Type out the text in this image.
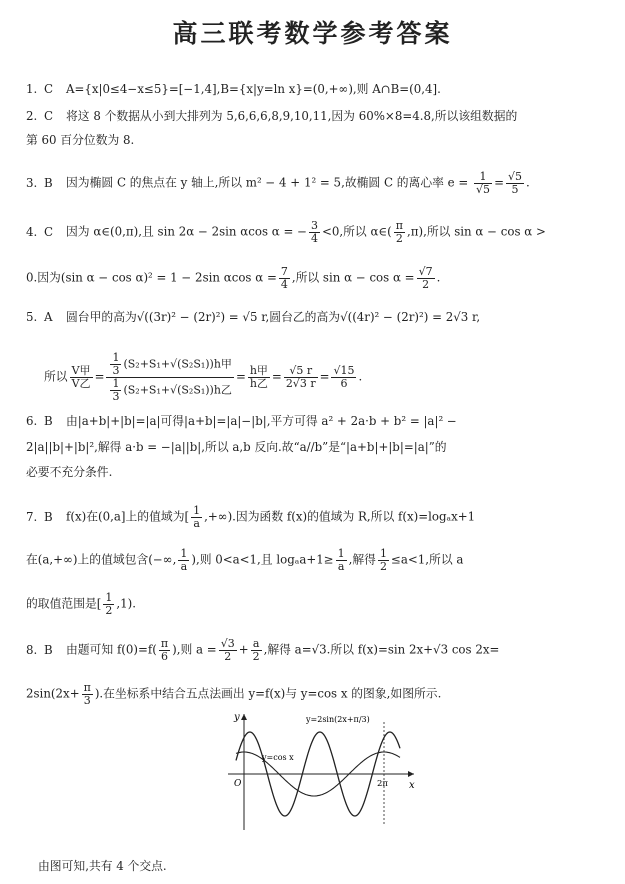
高三联考数学参考答案
1. C A={x|0≤4−x≤5}=[−1,4],B={x|y=ln x}=(0,+∞),则 A∩B=(0,4].
2. C 将这 8 个数据从小到大排列为 5,6,6,6,8,9,10,11,因为 60%×8=4.8,所以该组数据的
第 60 百分位数为 8.
3. B 因为椭圆 C 的焦点在 y 轴上,所以 m² − 4 + 1² = 5,故椭圆 C 的离心率 $e = \frac{1}{√5} = \frac{√5}{5}$ .
4. C 因为 α∈(0,π),且 sin 2α − 2sin αcos α = − $\frac{3}{4} <0$,所以 α∈( $\frac{\pi}{2} ,\pi$),所以 sin α − cos α >
0.因为(sin α − cos α)² = 1 − 2sin αcos $\alpha = \frac{7}{4}$ ,所以 $\sin \alpha - \cos \alpha = \frac{√7}{2}$ .
5. A 圆台甲的高为√((3r)² − (2r)²) = √5 r,圆台乙的高为√((4r)² − (2r)²) = 2√3 r,
所以 $\frac{\text{V甲}}{\text{V乙}} = \frac{\frac{1}{3} (S_2+S_1+√(S_2S_1))h甲}{\frac{1}{3} (S_2+S_1+√(S_2S_1))h乙} = \frac{\text{h甲}}{\text{h乙}} = \frac{√5 r}{2√3 r} = \frac{√15}{6}$ .
6. B 由|a+b|+|b|=|a|可得|a+b|=|a|−|b|,平方可得 a² + 2a·b + b² = |a|² −
2|a||b|+|b|²,解得 a·b = −|a||b|,所以 a,b 反向.故“a//b”是“|a+b|+|b|=|a|”的
必要不充分条件.
7. B f(x)在(0,a]上的值域为[ $\frac{1}{a}$ ,+∞).因为函数 f(x)的值域为 R,所以 f(x)=logₐx+1
在(a,+∞)上的值域包含(−∞, $\frac{1}{a}$ ),则 0<a<1,且 $\log_aa+1\ge \frac{1}{a}$ ,解得 $\frac{1}{2} \le a<1$,所以 a
的取值范围是[ $\frac{1}{2} ,1$).
8. B 由题可知 $f(0)=f( \frac{\pi}{6}$ ),则 $a = \frac{√3}{2} + \frac{a}{2}$ ,解得 a=√3.所以 f(x)=sin 2x+√3 cos 2x=
$2\sin(2x+ \frac{\pi}{3}$ ).在坐标系中结合五点法画出 y=f(x)与 y=cos x 的图象,如图所示.
y
x
O	2π
y=2sin(2x+π/3)
y=cos x
由图可知,共有 4 个交点.
